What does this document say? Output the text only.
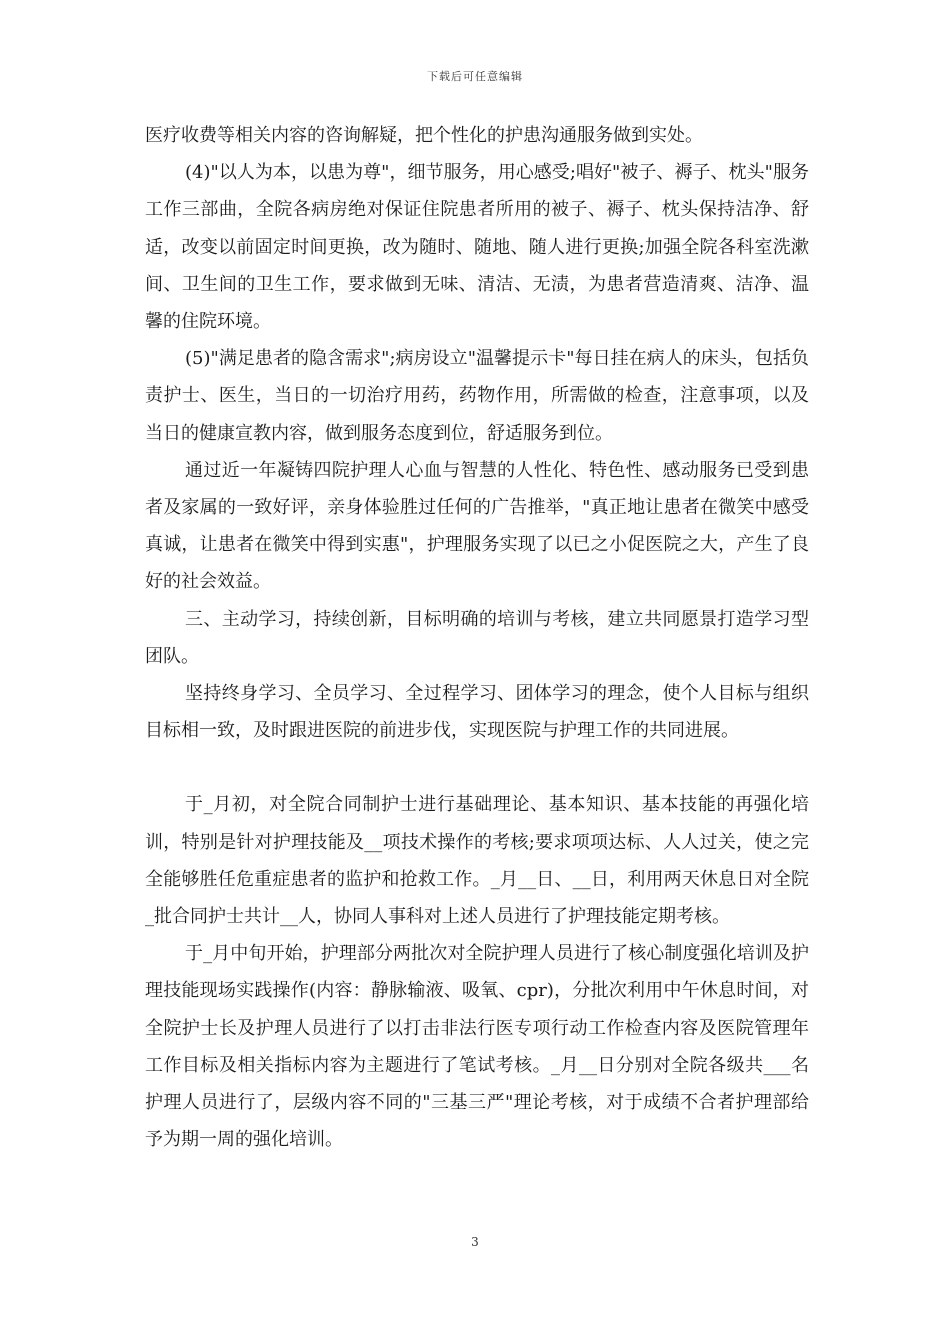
下载后可任意编辑

医疗收费等相关内容的咨询解疑，把个性化的护患沟通服务做到实处。

(4)"以人为本，以患为尊"，细节服务，用心感受;唱好"被子、褥子、枕头"服务工作三部曲，全院各病房绝对保证住院患者所用的被子、褥子、枕头保持洁净、舒适，改变以前固定时间更换，改为随时、随地、随人进行更换;加强全院各科室洗漱间、卫生间的卫生工作，要求做到无味、清洁、无渍，为患者营造清爽、洁净、温馨的住院环境。

(5)"满足患者的隐含需求";病房设立"温馨提示卡"每日挂在病人的床头，包括负责护士、医生，当日的一切治疗用药，药物作用，所需做的检查，注意事项，以及当日的健康宣教内容，做到服务态度到位，舒适服务到位。

通过近一年凝铸四院护理人心血与智慧的人性化、特色性、感动服务已受到患者及家属的一致好评，亲身体验胜过任何的广告推举，"真正地让患者在微笑中感受真诚，让患者在微笑中得到实惠"，护理服务实现了以已之小促医院之大，产生了良好的社会效益。

三、主动学习，持续创新，目标明确的培训与考核，建立共同愿景打造学习型团队。

坚持终身学习、全员学习、全过程学习、团体学习的理念，使个人目标与组织目标相一致，及时跟进医院的前进步伐，实现医院与护理工作的共同进展。

于_月初，对全院合同制护士进行基础理论、基本知识、基本技能的再强化培训，特别是针对护理技能及__项技术操作的考核;要求项项达标、人人过关，使之完全能够胜任危重症患者的监护和抢救工作。_月__日、__日，利用两天休息日对全院_批合同护士共计__人，协同人事科对上述人员进行了护理技能定期考核。

于_月中旬开始，护理部分两批次对全院护理人员进行了核心制度强化培训及护理技能现场实践操作(内容：静脉输液、吸氧、cpr)，分批次利用中午休息时间，对全院护士长及护理人员进行了以打击非法行医专项行动工作检查内容及医院管理年工作目标及相关指标内容为主题进行了笔试考核。_月__日分别对全院各级共___名护理人员进行了，层级内容不同的"三基三严"理论考核，对于成绩不合者护理部给予为期一周的强化培训。

3
